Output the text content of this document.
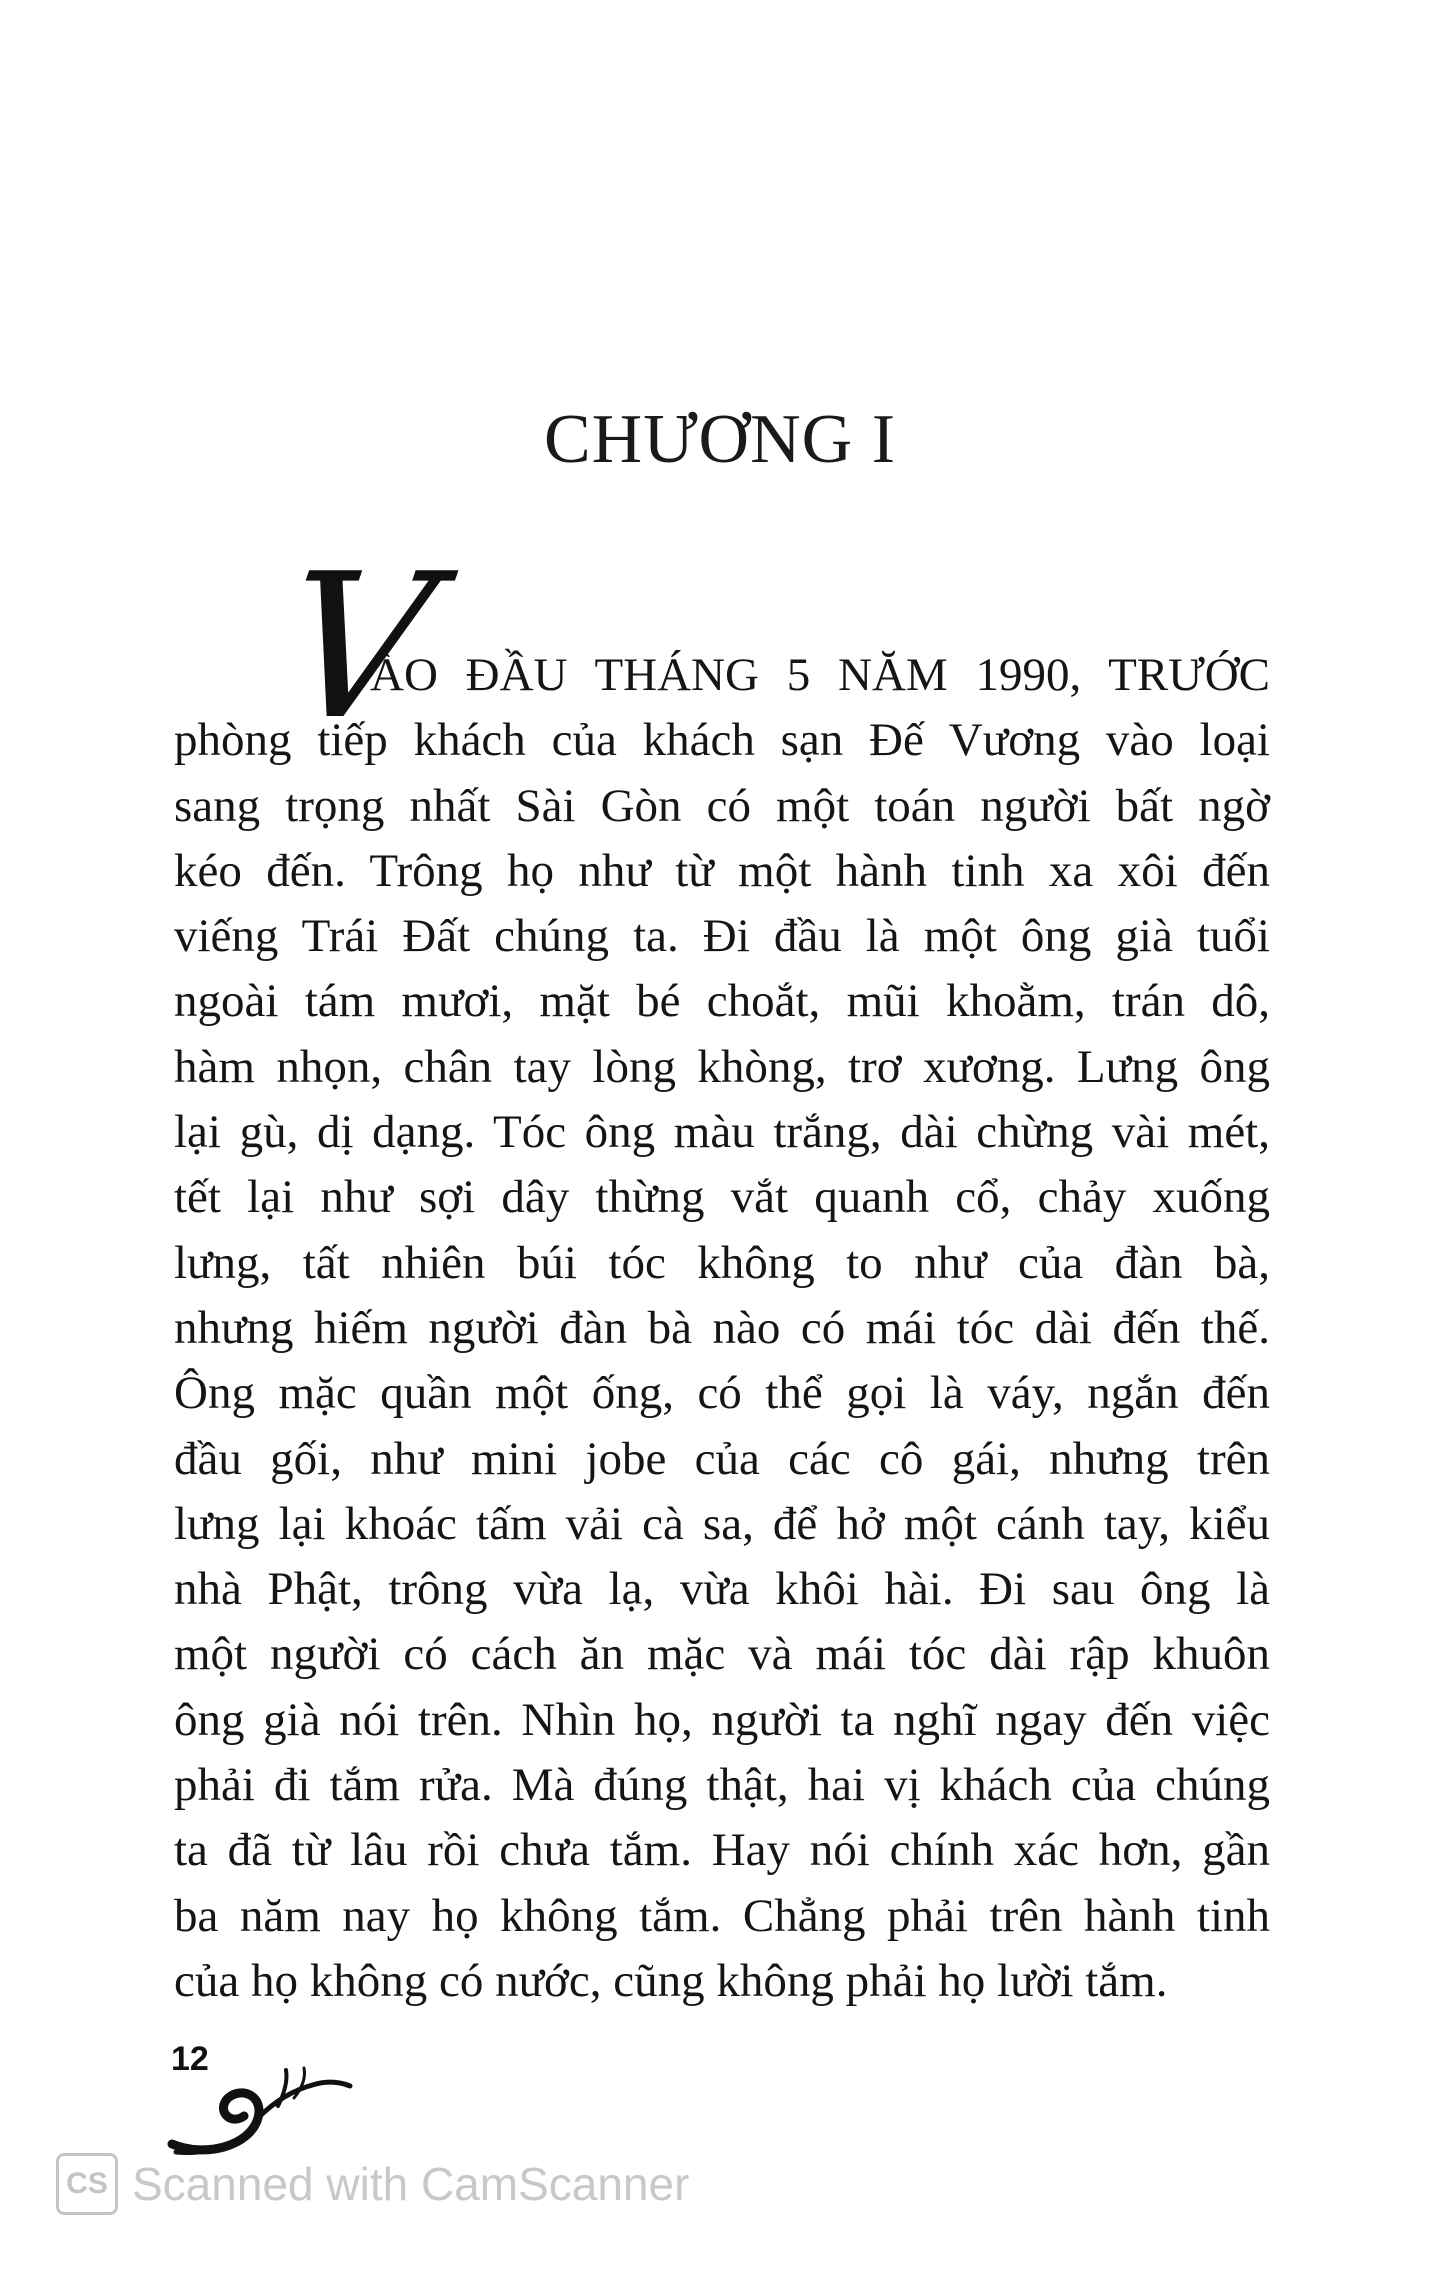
CHƯƠNG I
V
ÀO ĐẦU THÁNG 5 NĂM 1990, TRƯỚC
phòng tiếp khách của khách sạn Đế Vương vào loại
sang trọng nhất Sài Gòn có một toán người bất ngờ
kéo đến. Trông họ như từ một hành tinh xa xôi đến
viếng Trái Đất chúng ta. Đi đầu là một ông già tuổi
ngoài tám mươi, mặt bé choắt, mũi khoằm, trán dô,
hàm nhọn, chân tay lòng khòng, trơ xương. Lưng ông
lại gù, dị dạng. Tóc ông màu trắng, dài chừng vài mét,
tết lại như sợi dây thừng vắt quanh cổ, chảy xuống
lưng, tất nhiên búi tóc không to như của đàn bà,
nhưng hiếm người đàn bà nào có mái tóc dài đến thế.
Ông mặc quần một ống, có thể gọi là váy, ngắn đến
đầu gối, như mini jobe của các cô gái, nhưng trên
lưng lại khoác tấm vải cà sa, để hở một cánh tay, kiểu
nhà Phật, trông vừa lạ, vừa khôi hài. Đi sau ông là
một người có cách ăn mặc và mái tóc dài rập khuôn
ông già nói trên. Nhìn họ, người ta nghĩ ngay đến việc
phải đi tắm rửa. Mà đúng thật, hai vị khách của chúng
ta đã từ lâu rồi chưa tắm. Hay nói chính xác hơn, gần
ba năm nay họ không tắm. Chẳng phải trên hành tinh
của họ không có nước, cũng không phải họ lười tắm.
12
CS Scanned with CamScanner
